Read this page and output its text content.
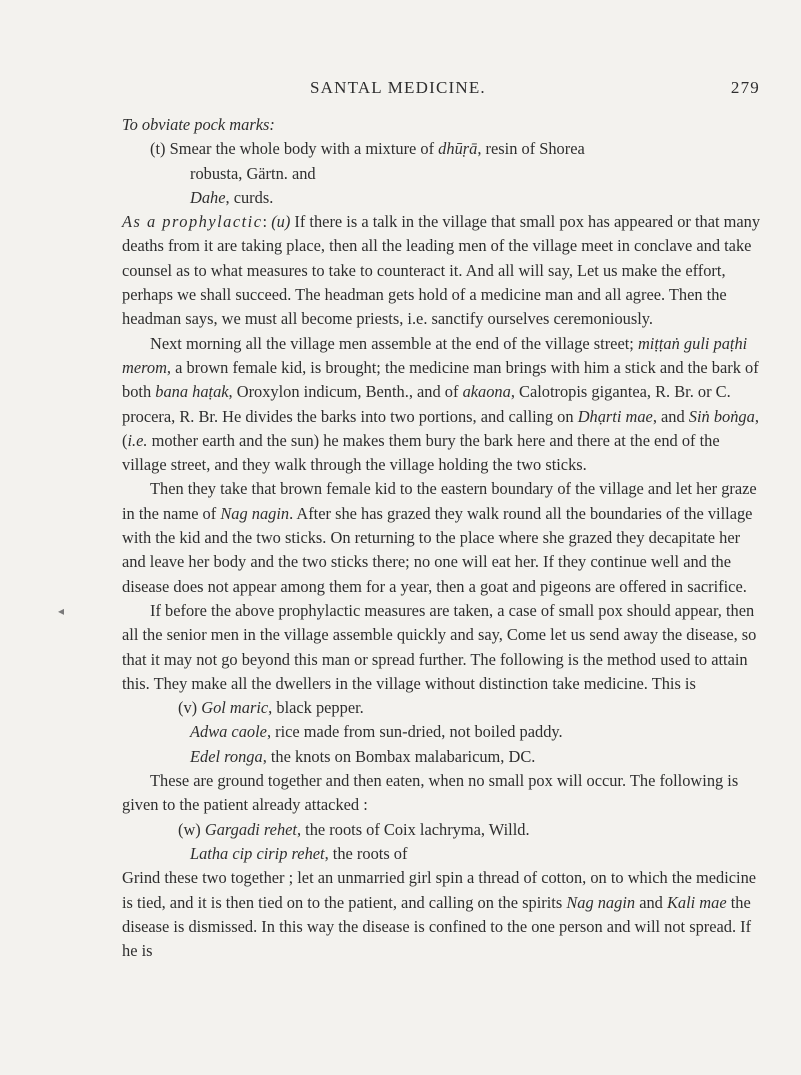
SANTAL MEDICINE.	279
◂

To obviate pock marks:

(t) Smear the whole body with a mixture of dhūṛā, resin of Shorea

robusta, Gärtn. and

Dahe, curds.

As a prophylactic: (u) If there is a talk in the village that small pox has appeared or that many deaths from it are taking place, then all the leading men of the village meet in conclave and take counsel as to what measures to take to counteract it. And all will say, Let us make the effort, perhaps we shall succeed. The headman gets hold of a medicine man and all agree. Then the headman says, we must all become priests, i.e. sanctify ourselves ceremoniously.

Next morning all the village men assemble at the end of the village street; miṭṭaṅ guli paṭhi merom, a brown female kid, is brought; the medicine man brings with him a stick and the bark of both bana haṭak, Oroxylon indicum, Benth., and of akaona, Calotropis gigantea, R. Br. or C. procera, R. Br. He divides the barks into two portions, and calling on Dhạrti mae, and Siṅ boṅga, (i.e. mother earth and the sun) he makes them bury the bark here and there at the end of the village street, and they walk through the village holding the two sticks.

Then they take that brown female kid to the eastern boundary of the village and let her graze in the name of Nag nagin. After she has grazed they walk round all the boundaries of the village with the kid and the two sticks. On returning to the place where she grazed they decapitate her and leave her body and the two sticks there; no one will eat her. If they continue well and the disease does not appear among them for a year, then a goat and pigeons are offered in sacrifice.

If before the above prophylactic measures are taken, a case of small pox should appear, then all the senior men in the village assemble quickly and say, Come let us send away the disease, so that it may not go beyond this man or spread further. The following is the method used to attain this. They make all the dwellers in the village without distinction take medicine. This is

(v) Gol maric, black pepper.

Adwa caole, rice made from sun-dried, not boiled paddy.

Edel ronga, the knots on Bombax malabaricum, DC.

These are ground together and then eaten, when no small pox will occur. The following is given to the patient already attacked :

(w) Gargadi rehet, the roots of Coix lachryma, Willd.

Latha cip cirip rehet, the roots of

Grind these two together ; let an unmarried girl spin a thread of cotton, on to which the medicine is tied, and it is then tied on to the patient, and calling on the spirits Nag nagin and Kali mae the disease is dismissed. In this way the disease is confined to the one person and will not spread. If he is
